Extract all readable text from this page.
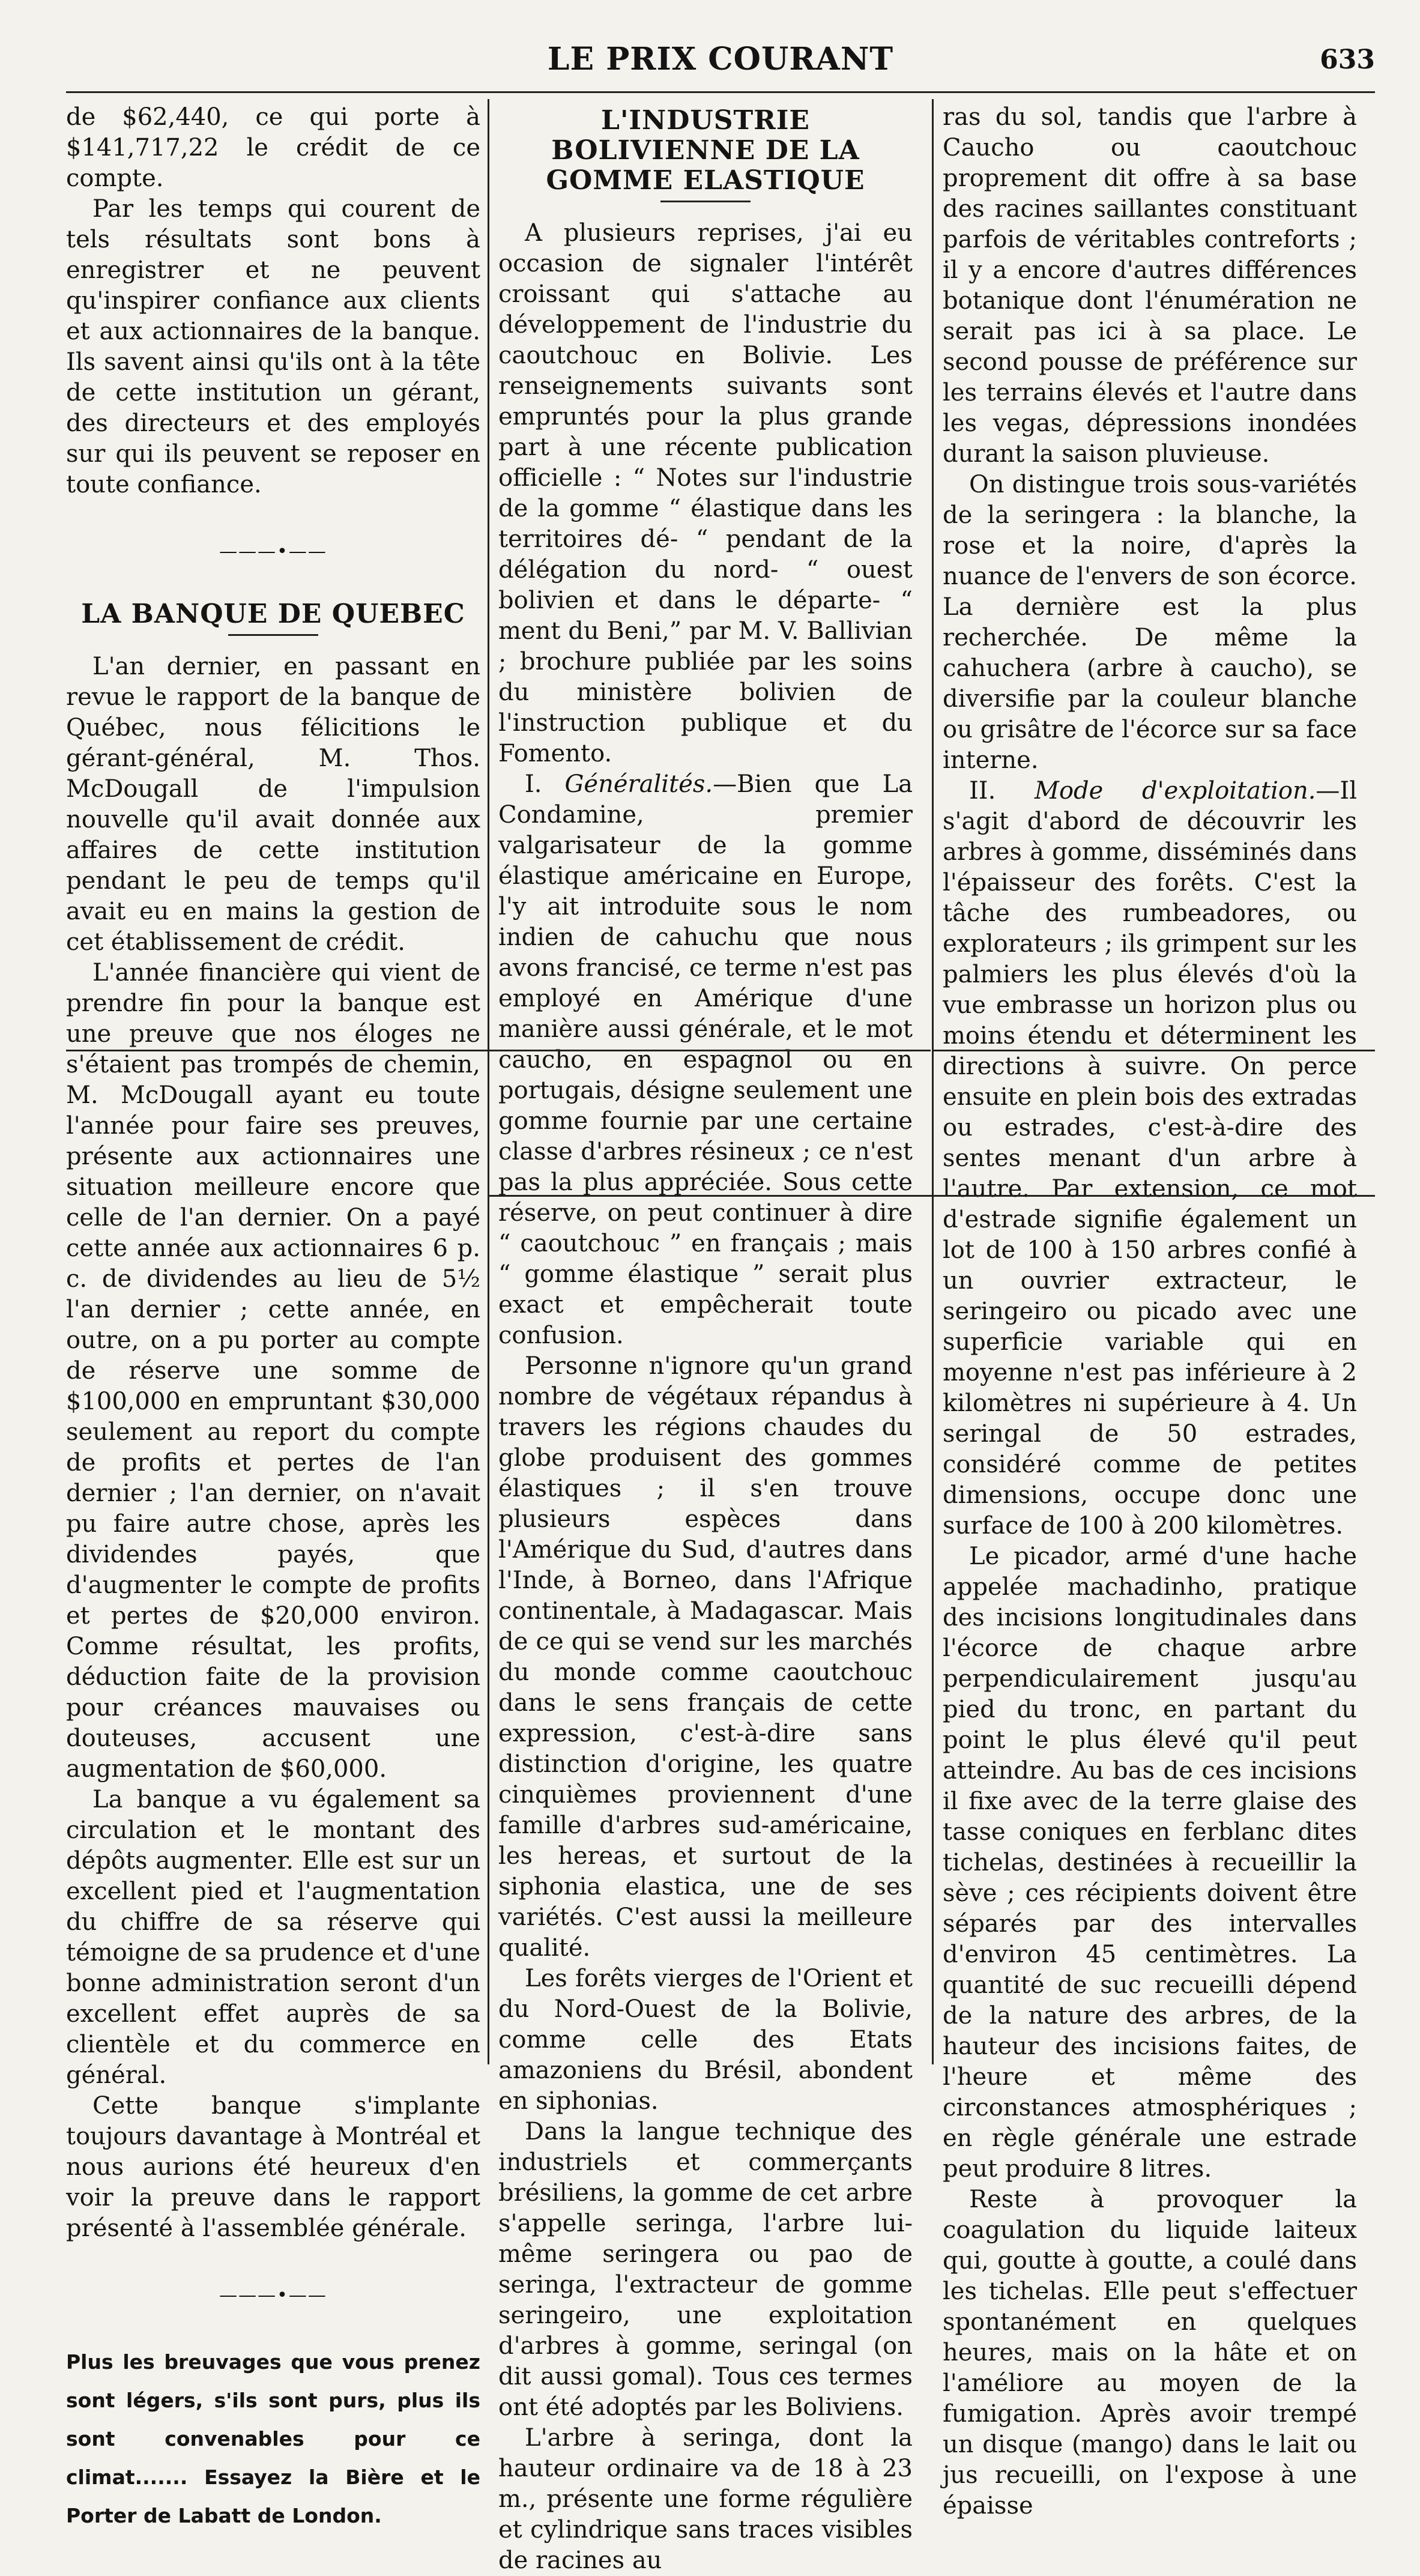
LE PRIX COURANT	633

de $62,440, ce qui porte à $141,717,22 le crédit de ce compte.

Par les temps qui courent de tels résultats sont bons à enregistrer et ne peuvent qu'inspirer confiance aux clients et aux actionnaires de la banque. Ils savent ainsi qu'ils ont à la tête de cette institution un gérant, des directeurs et des employés sur qui ils peuvent se reposer en toute confiance.

———•——
LA BANQUE DE QUEBEC

L'an dernier, en passant en revue le rapport de la banque de Québec, nous félicitions le gérant-général, M. Thos. McDougall de l'impulsion nouvelle qu'il avait donnée aux affaires de cette institution pendant le peu de temps qu'il avait eu en mains la gestion de cet établissement de crédit.

L'année financière qui vient de prendre fin pour la banque est une preuve que nos éloges ne s'étaient pas trompés de chemin, M. McDougall ayant eu toute l'année pour faire ses preuves, présente aux actionnaires une situation meilleure encore que celle de l'an dernier. On a payé cette année aux actionnaires 6 p. c. de dividendes au lieu de 5½ l'an dernier ; cette année, en outre, on a pu porter au compte de réserve une somme de $100,000 en empruntant $30,000 seulement au report du compte de profits et pertes de l'an dernier ; l'an dernier, on n'avait pu faire autre chose, après les dividendes payés, que d'augmenter le compte de profits et pertes de $20,000 environ. Comme résultat, les profits, déduction faite de la provision pour créances mauvaises ou douteuses, accusent une augmentation de $60,000.

La banque a vu également sa circulation et le montant des dépôts augmenter. Elle est sur un excellent pied et l'augmentation du chiffre de sa réserve qui témoigne de sa prudence et d'une bonne administration seront d'un excellent effet auprès de sa clientèle et du commerce en général.

Cette banque s'implante toujours davantage à Montréal et nous aurions été heureux d'en voir la preuve dans le rapport présenté à l'assemblée générale.

———•——
Plus les breuvages que vous prenez sont légers, s'ils sont purs, plus ils sont convenables pour ce climat....... Essayez la Bière et le Porter de Labatt de London.
L'INDUSTRIE BOLIVIENNE DE LA GOMME ELASTIQUE

A plusieurs reprises, j'ai eu occasion de signaler l'intérêt croissant qui s'attache au développement de l'industrie du caoutchouc en Bolivie. Les renseignements suivants sont empruntés pour la plus grande part à une récente publication officielle : “ Notes sur l'industrie de la gomme “ élastique dans les territoires dé- “ pendant de la délégation du nord- “ ouest bolivien et dans le départe- “ ment du Beni,” par M. V. Ballivian ; brochure publiée par les soins du ministère bolivien de l'instruction publique et du Fomento.

I. Généralités.—Bien que La Condamine, premier valgarisateur de la gomme élastique américaine en Europe, l'y ait introduite sous le nom indien de cahuchu que nous avons francisé, ce terme n'est pas employé en Amérique d'une manière aussi générale, et le mot caucho, en espagnol ou en portugais, désigne seulement une gomme fournie par une certaine classe d'arbres résineux ; ce n'est pas la plus appréciée. Sous cette réserve, on peut continuer à dire “ caoutchouc ” en français ; mais “ gomme élastique ” serait plus exact et empêcherait toute confusion.

Personne n'ignore qu'un grand nombre de végétaux répandus à travers les régions chaudes du globe produisent des gommes élastiques ; il s'en trouve plusieurs espèces dans l'Amérique du Sud, d'autres dans l'Inde, à Borneo, dans l'Afrique continentale, à Madagascar. Mais de ce qui se vend sur les marchés du monde comme caoutchouc dans le sens français de cette expression, c'est-à-dire sans distinction d'origine, les quatre cinquièmes proviennent d'une famille d'arbres sud-américaine, les hereas, et surtout de la siphonia elastica, une de ses variétés. C'est aussi la meilleure qualité.

Les forêts vierges de l'Orient et du Nord-Ouest de la Bolivie, comme celle des Etats amazoniens du Brésil, abondent en siphonias.

Dans la langue technique des industriels et commerçants brésiliens, la gomme de cet arbre s'appelle seringa, l'arbre lui-même seringera ou pao de seringa, l'extracteur de gomme seringeiro, une exploitation d'arbres à gomme, seringal (on dit aussi gomal). Tous ces termes ont été adoptés par les Boliviens.

L'arbre à seringa, dont la hauteur ordinaire va de 18 à 23 m., présente une forme régulière et cylindrique sans traces visibles de racines au

ras du sol, tandis que l'arbre à Caucho ou caoutchouc proprement dit offre à sa base des racines saillantes constituant parfois de véritables contreforts ; il y a encore d'autres différences botanique dont l'énumération ne serait pas ici à sa place. Le second pousse de préférence sur les terrains élevés et l'autre dans les vegas, dépressions inondées durant la saison pluvieuse.

On distingue trois sous-variétés de la seringera : la blanche, la rose et la noire, d'après la nuance de l'envers de son écorce. La dernière est la plus recherchée. De même la cahuchera (arbre à caucho), se diversifie par la couleur blanche ou grisâtre de l'écorce sur sa face interne.

II. Mode d'exploitation.—Il s'agit d'abord de découvrir les arbres à gomme, disséminés dans l'épaisseur des forêts. C'est la tâche des rumbeadores, ou explorateurs ; ils grimpent sur les palmiers les plus élevés d'où la vue embrasse un horizon plus ou moins étendu et déterminent les directions à suivre. On perce ensuite en plein bois des extradas ou estrades, c'est-à-dire des sentes menant d'un arbre à l'autre. Par extension, ce mot d'estrade signifie également un lot de 100 à 150 arbres confié à un ouvrier extracteur, le seringeiro ou picado avec une superficie variable qui en moyenne n'est pas inférieure à 2 kilomètres ni supérieure à 4. Un seringal de 50 estrades, considéré comme de petites dimensions, occupe donc une surface de 100 à 200 kilomètres.

Le picador, armé d'une hache appelée machadinho, pratique des incisions longitudinales dans l'écorce de chaque arbre perpendiculairement jusqu'au pied du tronc, en partant du point le plus élevé qu'il peut atteindre. Au bas de ces incisions il fixe avec de la terre glaise des tasse coniques en ferblanc dites tichelas, destinées à recueillir la sève ; ces récipients doivent être séparés par des intervalles d'environ 45 centimètres. La quantité de suc recueilli dépend de la nature des arbres, de la hauteur des incisions faites, de l'heure et même des circonstances atmosphériques ; en règle générale une estrade peut produire 8 litres.

Reste à provoquer la coagulation du liquide laiteux qui, goutte à goutte, a coulé dans les tichelas. Elle peut s'effectuer spontanément en quelques heures, mais on la hâte et on l'améliore au moyen de la fumigation. Après avoir trempé un disque (mango) dans le lait ou jus recueilli, on l'expose à une épaisse
